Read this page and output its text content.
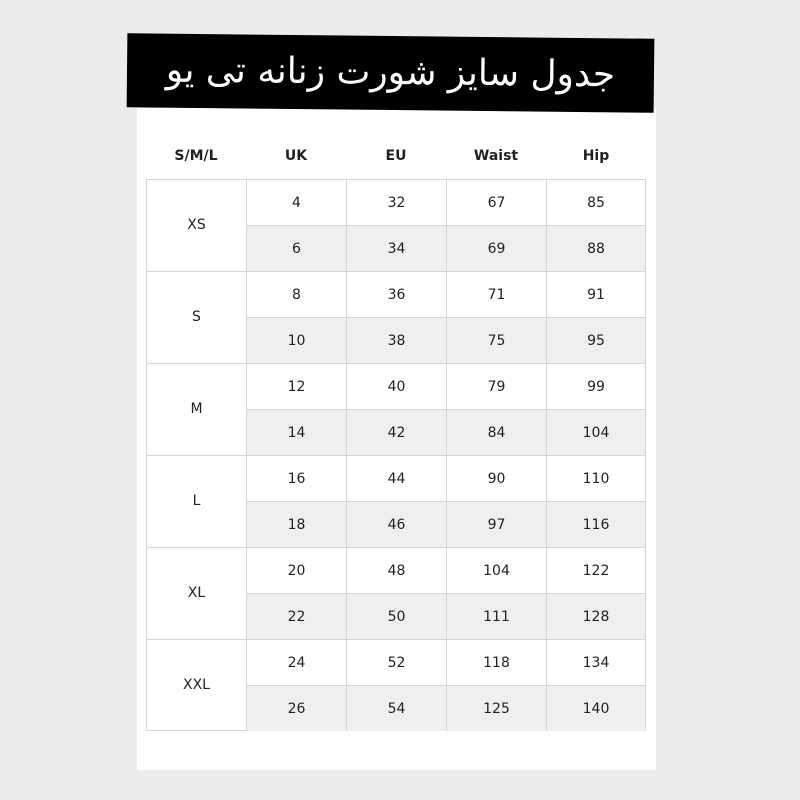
جدول سایز شورت زنانه تی یو
S/M/L	UK	EU	Waist	Hip
XS
4	32	67	85
6	34	69	88
S
8	36	71	91
10	38	75	95
M
12	40	79	99
14	42	84	104
L
16	44	90	110
18	46	97	116
XL
20	48	104	122
22	50	111	128
XXL
24	52	118	134
26	54	125	140
